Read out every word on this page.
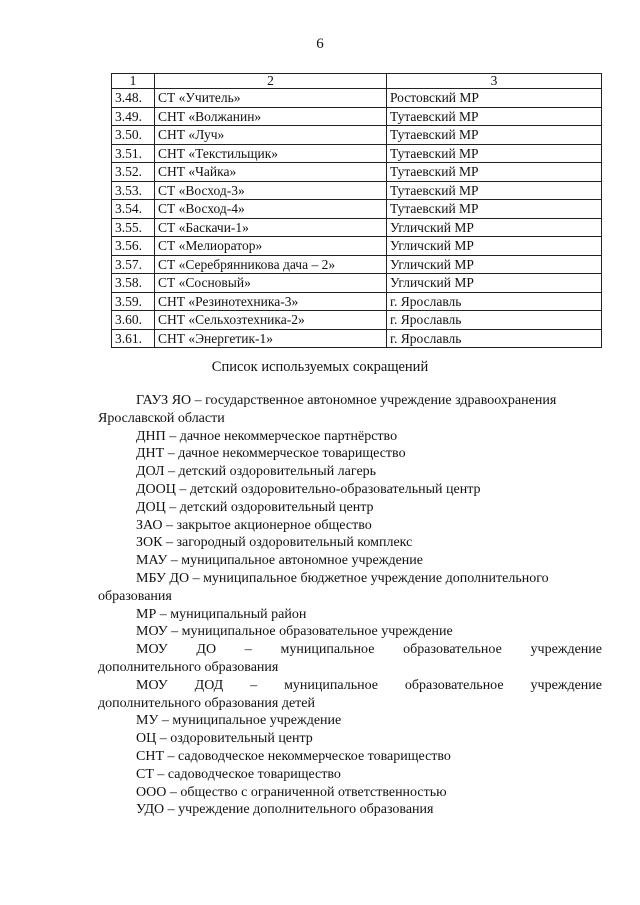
6
1	2	3
3.48.	СТ «Учитель»	Ростовский МР
3.49.	СНТ «Волжанин»	Тутаевский МР
3.50.	СНТ «Луч»	Тутаевский МР
3.51.	СНТ «Текстильщик»	Тутаевский МР
3.52.	СНТ «Чайка»	Тутаевский МР
3.53.	СТ «Восход-3»	Тутаевский МР
3.54.	СТ «Восход-4»	Тутаевский МР
3.55.	СТ «Баскачи-1»	Угличский МР
3.56.	СТ «Мелиоратор»	Угличский МР
3.57.	СТ «Серебрянникова дача – 2»	Угличский МР
3.58.	СТ «Сосновый»	Угличский МР
3.59.	СНТ «Резинотехника-3»	г. Ярославль
3.60.	СНТ «Сельхозтехника-2»	г. Ярославль
3.61.	СНТ «Энергетик-1»	г. Ярославль
Список используемых сокращений
ГАУЗ ЯО – государственное автономное учреждение здравоохранения
Ярославской области
ДНП – дачное некоммерческое партнёрство
ДНТ – дачное некоммерческое товарищество
ДОЛ – детский оздоровительный лагерь
ДООЦ – детский оздоровительно-образовательный центр
ДОЦ – детский оздоровительный центр
ЗАО – закрытое акционерное общество
ЗОК – загородный оздоровительный комплекс
МАУ – муниципальное автономное учреждение
МБУ ДО – муниципальное бюджетное учреждение дополнительного
образования
МР – муниципальный район
МОУ – муниципальное образовательное учреждение
МОУ ДО – муниципальное образовательное учреждение
дополнительного образования
МОУ ДОД – муниципальное образовательное учреждение
дополнительного образования детей
МУ – муниципальное учреждение
ОЦ – оздоровительный центр
СНТ – садоводческое некоммерческое товарищество
СТ – садоводческое товарищество
ООО – общество с ограниченной ответственностью
УДО – учреждение дополнительного образования
